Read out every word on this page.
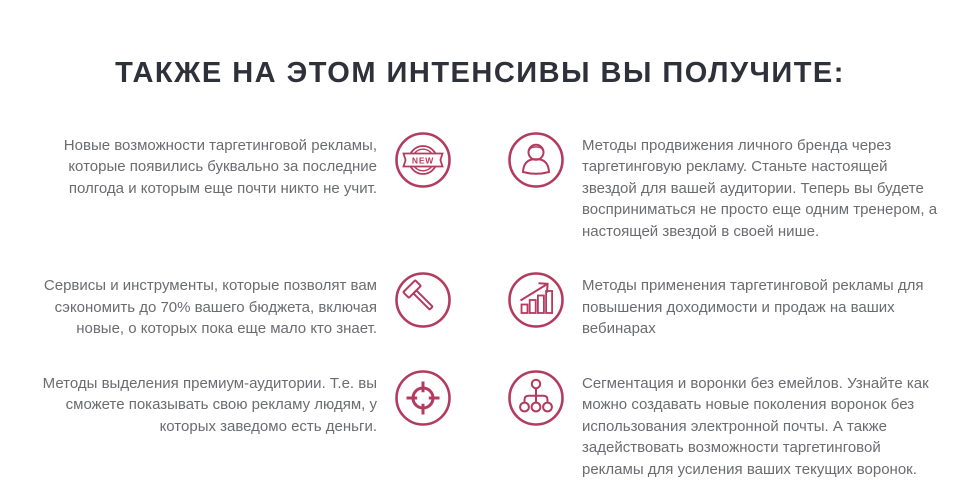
ТАКЖЕ НА ЭТОМ ИНТЕНСИВЫ ВЫ ПОЛУЧИТЕ:
Новые возможности таргетинговой рекламы, которые появились буквально за последние полгода и которым еще почти никто не учит.
NEW
Методы продвижения личного бренда через таргетинговую рекламу. Станьте настоящей звездой для вашей аудитории. Теперь вы будете восприниматься не просто еще одним тренером, а настоящей звездой в своей нише.
Сервисы и инструменты, которые позволят вам сэкономить до 70% вашего бюджета, включая новые, о которых пока еще мало кто знает.
Методы применения таргетинговой рекламы для повышения доходимости и продаж на ваших вебинарах
Методы выделения премиум-аудитории. Т.е. вы сможете показывать свою рекламу людям, у которых заведомо есть деньги.
Сегментация и воронки без емейлов. Узнайте как можно создавать новые поколения воронок без использования электронной почты. А также задействовать возможности таргетинговой рекламы для усиления ваших текущих воронок.
